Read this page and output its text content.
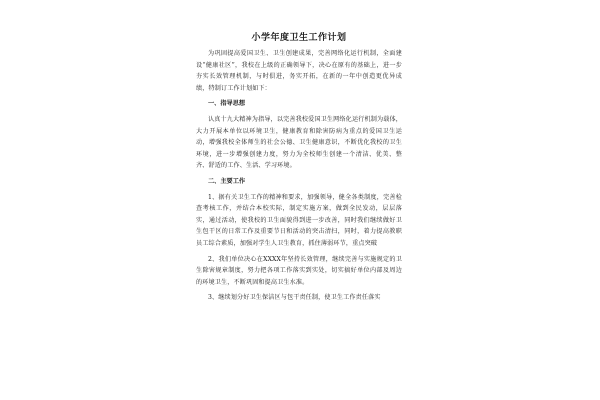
小学年度卫生工作计划

为巩固提高爱国卫生、卫生创建成果，完善网络化运行机制，全面建设“健康社区”，我校在上级的正确领导下，决心在原有的基础上，进一步夯实长效管理机制，与时俱进，务实开拓，在新的一年中创造更优异成绩，特制订工作计划如下：

一、指导思想

认真十九大精神为指导，以完善我校爱国卫生网络化运行机制为载体，大力开展本单位以环境卫生，健康教育和除害防病为重点的爱国卫生运动，增强我校全体师生的社会公德、卫生健康意识，不断优化我校的卫生环境，进一步增强创建力度，努力为全校师生创建一个清洁、优美、整齐、舒适的工作、生活、学习环境。

二、主要工作

1、据有关卫生工作的精神和要求，加强领导，健全各类制度，完善检查考核工作，并结合本校实际，制定实施方案，做到全民发动，层层落实，通过活动，使我校的卫生面貌得到进一步改善，同时我们继续做好卫生包干区的日常工作及重要节日和活动的突击清扫，同时，着力提高教职员工综合素质，加强对学生人卫生教育，抓住薄弱环节，重点突破

2、我们单位决心在XXXX年坚持长效管理，继续完善与实施规定的卫生除害规章制度，努力把各项工作落实到实处，切实搞好单位内部及周边的环境卫生，不断巩固和提高卫生水准。

3、继续划分好卫生保洁区与包干责任制，使卫生工作责任落实
